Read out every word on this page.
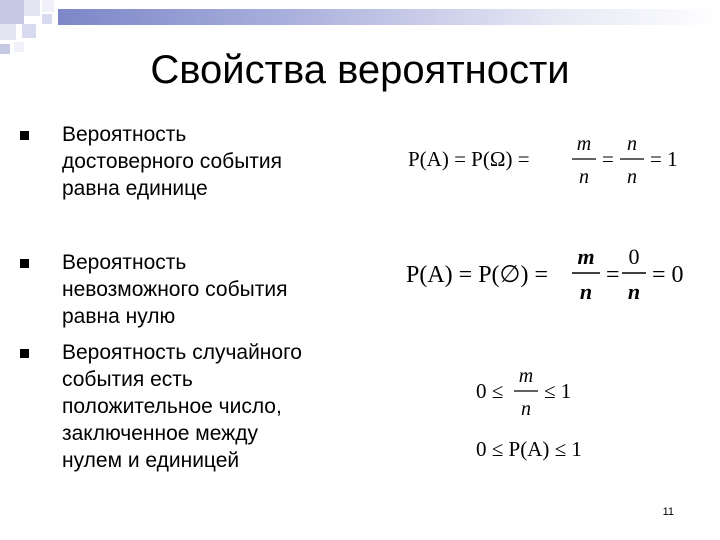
Свойства вероятности
Вероятность
достоверного события
равна единице
Вероятность
невозможного события
равна нулю
Вероятность случайного
события есть
положительное число,
заключенное между
нулем и единицей
P(A) = P(Ω) =
m
n
=
n
n
= 1
P(A) = P(∅) =
m
n
=
0
n
= 0
0 ≤
m
n
≤ 1
0 ≤ P(A) ≤ 1
11
